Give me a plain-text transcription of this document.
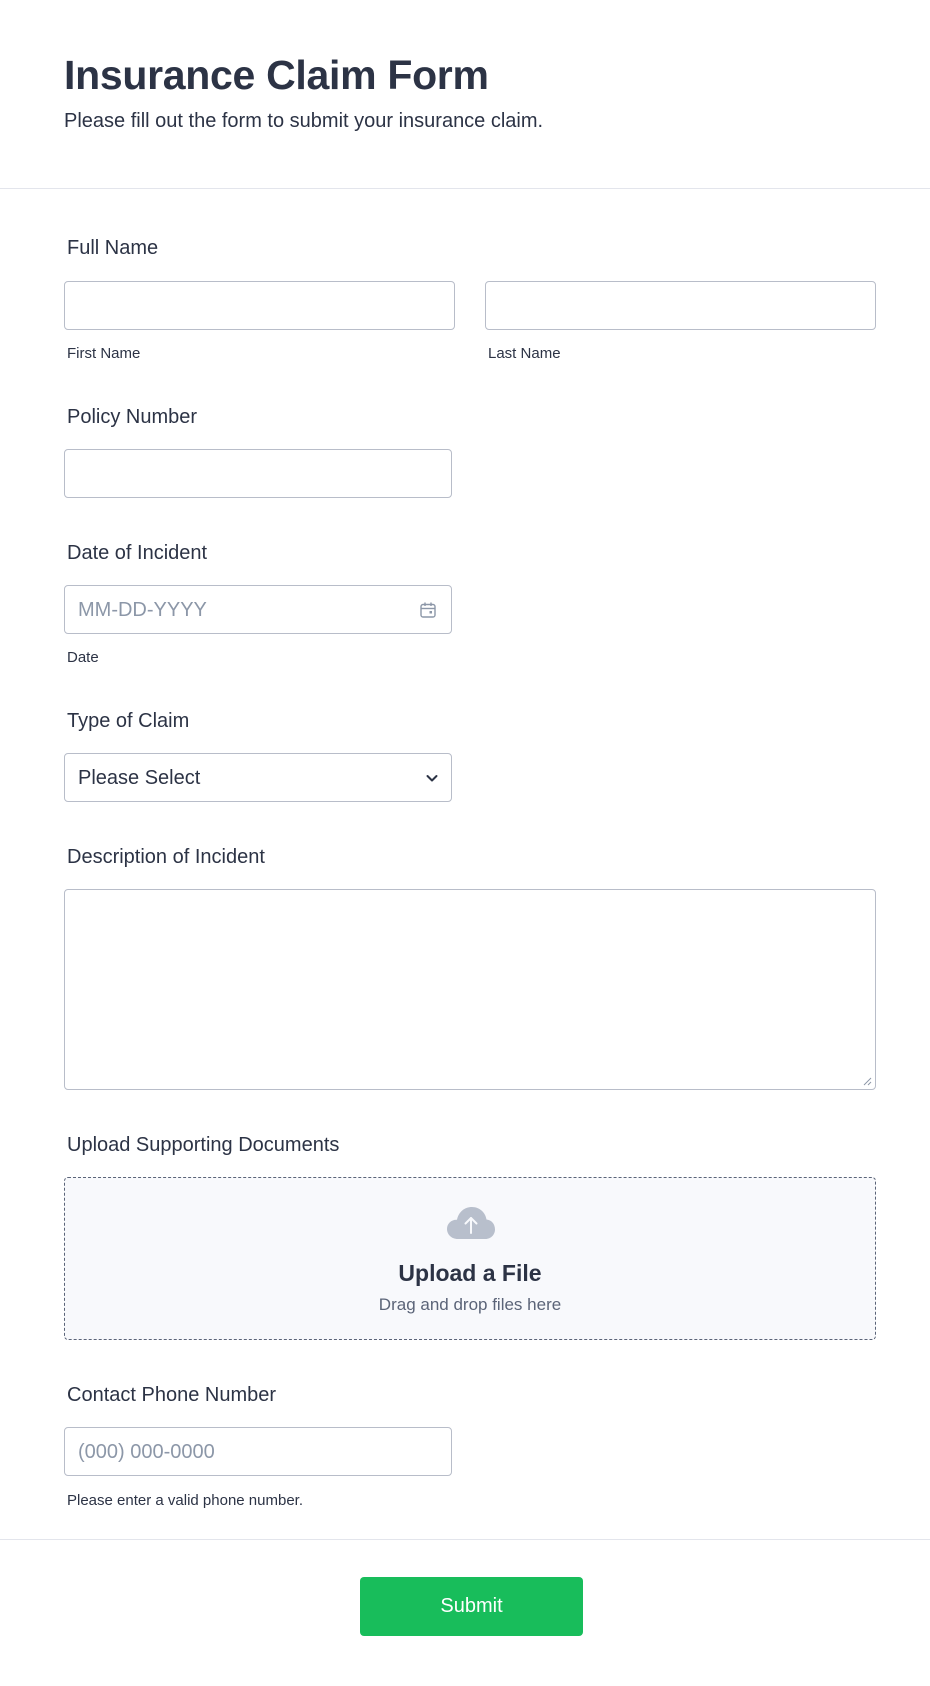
Insurance Claim Form
Please fill out the form to submit your insurance claim.
Full Name
First Name	Last Name
Policy Number
Date of Incident
MM-DD-YYYY
Date
Type of Claim
Please Select
Description of Incident
Upload Supporting Documents
Upload a File
Drag and drop files here
Contact Phone Number
(000) 000-0000
Please enter a valid phone number.
Submit
